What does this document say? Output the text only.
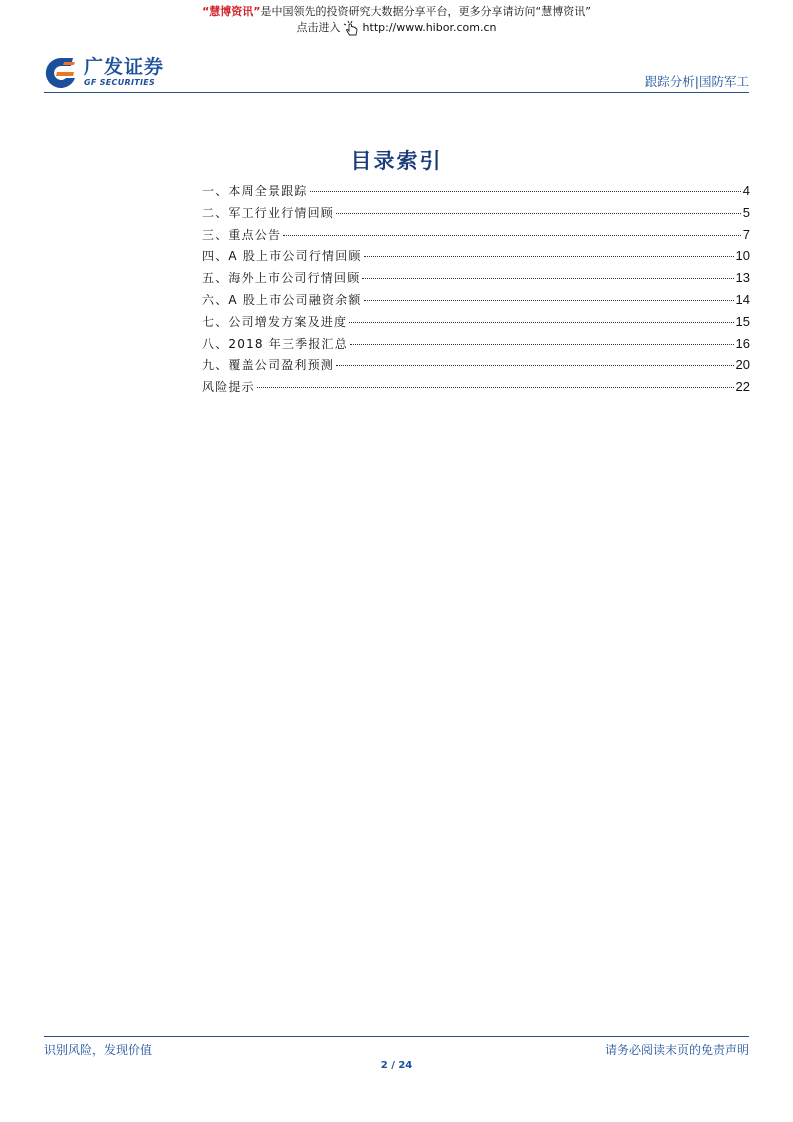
“慧博资讯”是中国领先的投资研究大数据分享平台，更多分享请访问“慧博资讯”
点击进入 http://www.hibor.com.cn
广发证券
GF SECURITIES	跟踪分析|国防军工
目录索引
一、本周全景跟踪	4
二、军工行业行情回顾	5
三、重点公告	7
四、A 股上市公司行情回顾	10
五、海外上市公司行情回顾	13
六、A 股上市公司融资余额	14
七、公司增发方案及进度	15
八、2018 年三季报汇总	16
九、覆盖公司盈利预测	20
风险提示	22
识别风险，发现价值	请务必阅读末页的免责声明
2 / 24
